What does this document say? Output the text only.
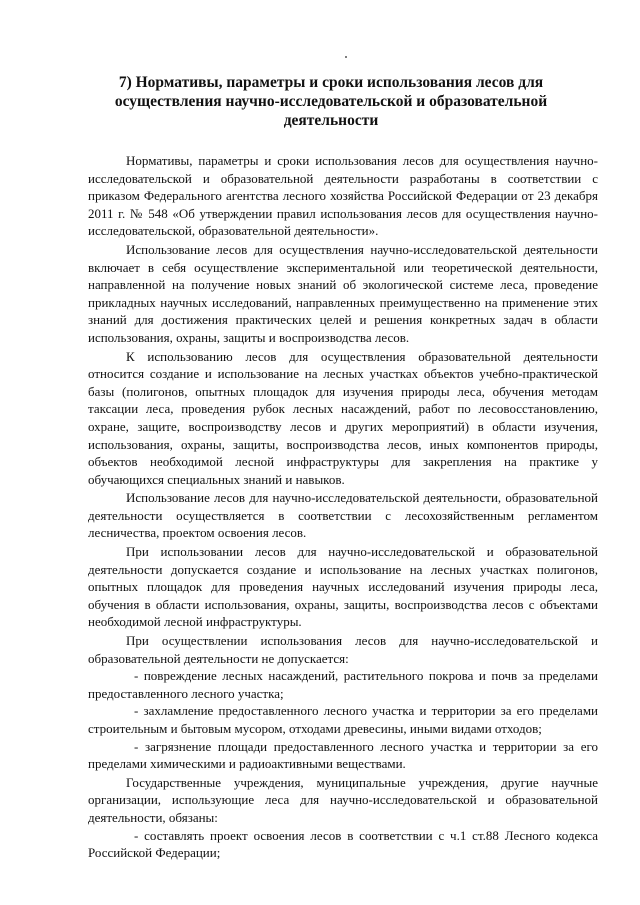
7) Нормативы, параметры и сроки использования лесов для осуществления научно-исследовательской и образовательной деятельности

Нормативы, параметры и сроки использования лесов для осуществления научно-исследовательской и образовательной деятельности разработаны в соответствии с приказом Федерального агентства лесного хозяйства Российской Федерации от 23 декабря 2011 г. № 548 «Об утверждении правил использования лесов для осуществления научно-исследовательской, образовательной деятельности».

Использование лесов для осуществления научно-исследовательской деятельности включает в себя осуществление экспериментальной или теоретической деятельности, направленной на получение новых знаний об экологической системе леса, проведение прикладных научных исследований, направленных преимущественно на применение этих знаний для достижения практических целей и решения конкретных задач в области использования, охраны, защиты и воспроизводства лесов.

К использованию лесов для осуществления образовательной деятельности относится создание и использование на лесных участках объектов учебно-практической базы (полигонов, опытных площадок для изучения природы леса, обучения методам таксации леса, проведения рубок лесных насаждений, работ по лесовосстановлению, охране, защите, воспроизводству лесов и других мероприятий) в области изучения, использования, охраны, защиты, воспроизводства лесов, иных компонентов природы, объектов необходимой лесной инфраструктуры для закрепления на практике у обучающихся специальных знаний и навыков.

Использование лесов для научно-исследовательской деятельности, образовательной деятельности осуществляется в соответствии с лесохозяйственным регламентом лесничества, проектом освоения лесов.

При использовании лесов для научно-исследовательской и образовательной деятельности допускается создание и использование на лесных участках полигонов, опытных площадок для проведения научных исследований изучения природы леса, обучения в области использования, охраны, защиты, воспроизводства лесов с объектами необходимой лесной инфраструктуры.

При осуществлении использования лесов для научно-исследовательской и образовательной деятельности не допускается:

- повреждение лесных насаждений, растительного покрова и почв за пределами предоставленного лесного участка;

- захламление предоставленного лесного участка и территории за его пределами строительным и бытовым мусором, отходами древесины, иными видами отходов;

- загрязнение площади предоставленного лесного участка и территории за его пределами химическими и радиоактивными веществами.

Государственные учреждения, муниципальные учреждения, другие научные организации, использующие леса для научно-исследовательской и образовательной деятельности, обязаны:

- составлять проект освоения лесов в соответствии с ч.1 ст.88 Лесного кодекса Российской Федерации;
